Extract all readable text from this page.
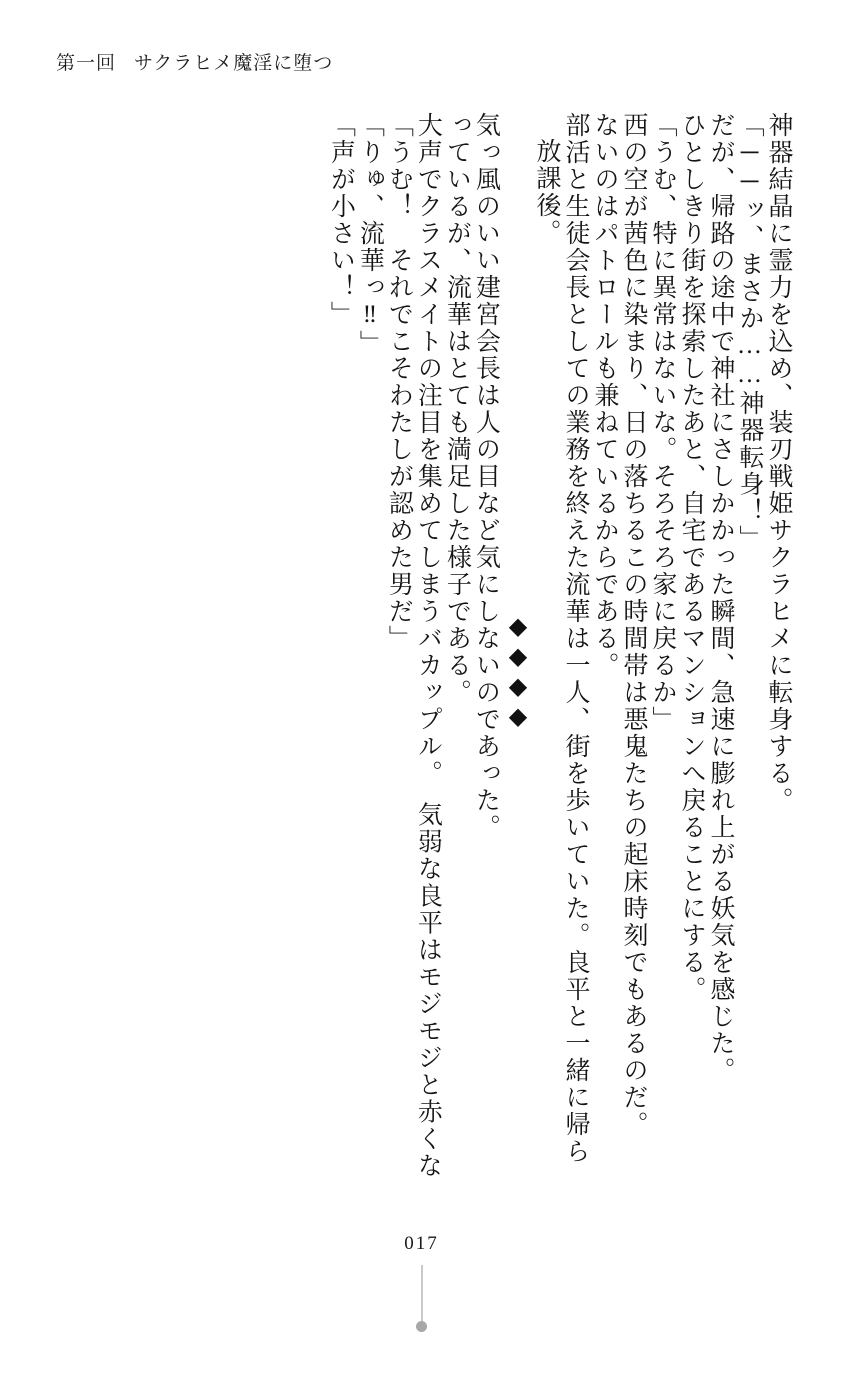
第一回 サクラヒメ魔淫に堕つ
「声が小さい！」 「りゅ、流華っ‼」 「うむ！　それでこそわたしが認めた男だ」 大声でクラスメイトの注目を集めてしまうバカップル。　気弱な良平はモジモジと赤くな っているが、流華はとても満足した様子である。 気っ風のいい建宮会長は人の目など気にしないのであった。 ◆◆◆◆
放課後。 部活と生徒会長としての業務を終えた流華は一人、街を歩いていた。良平と一緒に帰ら ないのはパトロールも兼ねているからである。 西の空が茜色に染まり、日の落ちるこの時間帯は悪鬼たちの起床時刻でもあるのだ。 「うむ、特に異常はないな。そろそろ家に戻るか」 ひとしきり街を探索したあと、自宅であるマンションへ戻ることにする。 だが、帰路の途中で神社にさしかかった瞬間、急速に膨れ上がる妖気を感じた。 「──ッ、まさか……神器転身！」 神器結晶に霊力を込め、装刃戦姫サクラヒメに転身する。
017
